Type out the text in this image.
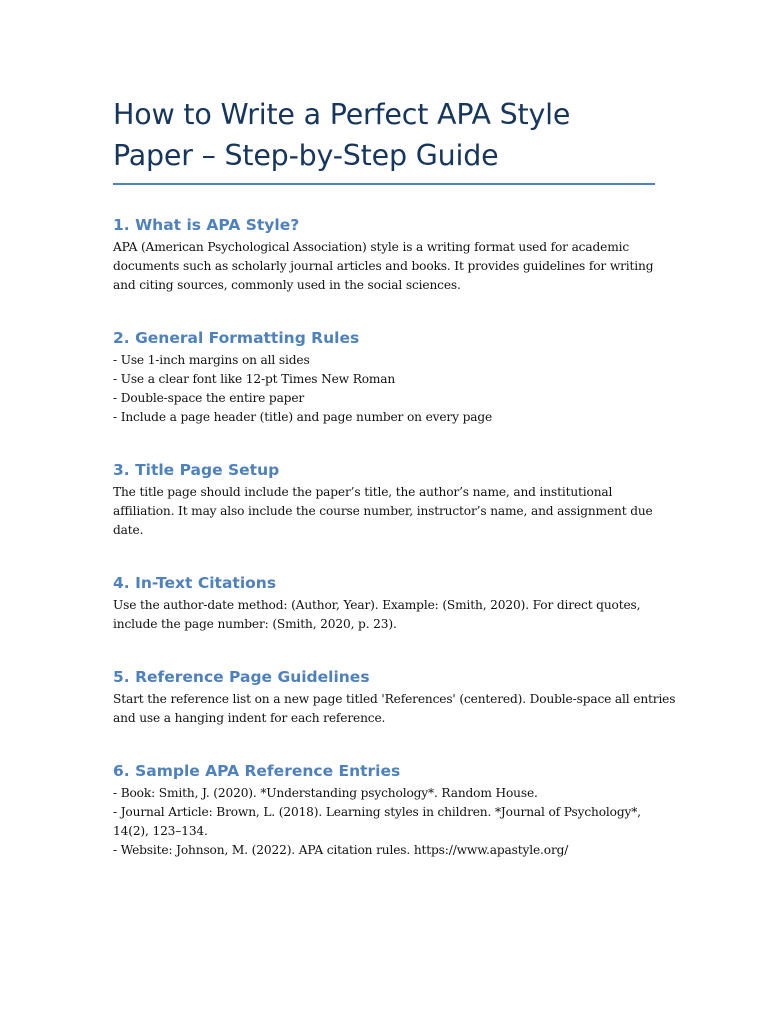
How to Write a Perfect APA Style Paper – Step-by-Step Guide
1. What is APA Style?
APA (American Psychological Association) style is a writing format used for academic
documents such as scholarly journal articles and books. It provides guidelines for writing
and citing sources, commonly used in the social sciences.
2. General Formatting Rules
- Use 1-inch margins on all sides
- Use a clear font like 12-pt Times New Roman
- Double-space the entire paper
- Include a page header (title) and page number on every page
3. Title Page Setup
The title page should include the paper’s title, the author’s name, and institutional
affiliation. It may also include the course number, instructor’s name, and assignment due
date.
4. In-Text Citations
Use the author-date method: (Author, Year). Example: (Smith, 2020). For direct quotes,
include the page number: (Smith, 2020, p. 23).
5. Reference Page Guidelines
Start the reference list on a new page titled 'References' (centered). Double-space all entries
and use a hanging indent for each reference.
6. Sample APA Reference Entries
- Book: Smith, J. (2020). *Understanding psychology*. Random House.
- Journal Article: Brown, L. (2018). Learning styles in children. *Journal of Psychology*,
14(2), 123–134.
- Website: Johnson, M. (2022). APA citation rules. https://www.apastyle.org/
